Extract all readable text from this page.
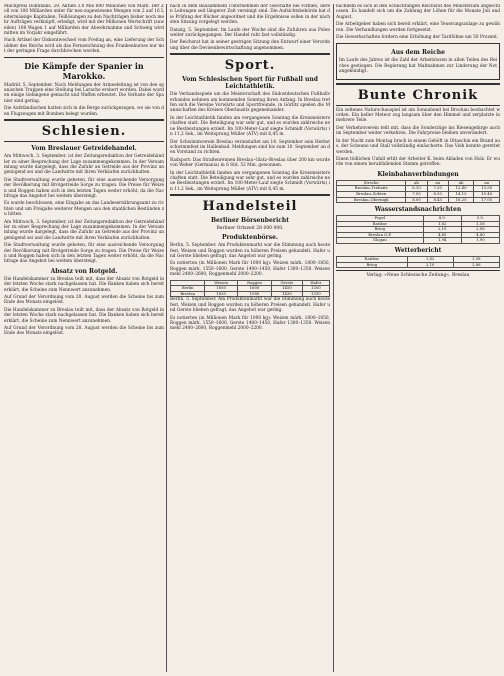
Milchpreis Dollnhans. 29. Aktien 3.0 Mio 800 Millionen von Mark. Der Zoll von 100 Milliarden unter für neu-zugewiesene Mengen von 2 auf 16 Leitermässige Kapitalien, Teillösungen zu den Nachträgen bisher noch mehr Aufträgen verknüpft, erledigt, wird mit der Millionen Wertschrift (zuweilen) 108 Wagen 1 auf Milliarden der Abwehrnahme und Schweig wird mitten im Vorjahr eingeführt.

Nach Artikel der Diskontwechsel vom Freitag an, eine Lieferung der Schuldner des Reichs wird als das Fernzeichnung des Frankenkurses nur mit der geringen Frage durchbrochen worden.

Die Kämpfe der Spanier in Marokko.

Madrid, 5. September. Nach Meldungen der Armeeleitung ist von den spanischen Truppen eine Stellung bei Larache erobert worden. Dabei wurden einige Gefangene gemacht und Waffen erbeutet. Die Verluste der Spanier sind gering.

Die Aufständischen hatten sich in die Berge zurückgezogen, wo sie von den Flugzeugen mit Bomben belegt wurden.

Schlesien.
Vom Breslauer Getreidehandel.

Am Mittwoch, 3. September, ist der Zeitungsredaktion der Getreidehändler zu einer Besprechung der Lage zusammengekommen. In der Versammlung wurde dargelegt, dass die Zufuhr an Getreide aus der Provinz ungenügend sei und die Landwirte mit ihren Verkäufen zurückhalten.

Die Stadtverwaltung wurde gebeten, für eine ausreichende Versorgung der Bevölkerung mit Brotgetreide Sorge zu tragen. Die Preise für Weizen und Roggen haben sich in den letzten Tagen weiter erhöht, da die Nachfrage das Angebot bei weitem übersteigt.

Es wurde beschlossen, eine Eingabe an das Landesernährungsamt zu richten und um Freigabe weiterer Mengen aus den staatlichen Beständen zu bitten.

Am Mittwoch, 3. September, ist der Zeitungsredaktion der Getreidehändler zu einer Besprechung der Lage zusammengekommen. In der Versammlung wurde dargelegt, dass die Zufuhr an Getreide aus der Provinz ungenügend sei und die Landwirte mit ihren Verkäufen zurückhalten.

Die Stadtverwaltung wurde gebeten, für eine ausreichende Versorgung der Bevölkerung mit Brotgetreide Sorge zu tragen. Die Preise für Weizen und Roggen haben sich in den letzten Tagen weiter erhöht, da die Nachfrage das Angebot bei weitem übersteigt.

Absatz von Rotgeld.

Die Handelskammer zu Breslau teilt mit, dass der Absatz von Rotgeld in der letzten Woche stark nachgelassen hat. Die Banken haben sich bereit erklärt, die Scheine zum Nennwert anzunehmen.

Auf Grund der Verordnung vom 20. August werden die Scheine bis zum Ende des Monats eingelöst.

Die Handelskammer zu Breslau teilt mit, dass der Absatz von Rotgeld in der letzten Woche stark nachgelassen hat. Die Banken haben sich bereit erklärt, die Scheine zum Nennwert anzunehmen.

Auf Grund der Verordnung vom 20. August werden die Scheine bis zum Ende des Monats eingelöst.

nach in dem Bausammeln Unternehmen der Geschäfte bei Firmen, deren Leitungen seit längerer Zeit vereinigt sind. Die Aufsichtsbehörde hat die Prüfung der Bücher angeordnet und die Ergebnisse sollen in der nächsten Sitzung vorgelegt werden.

Danzig, 5. September. Im Laufe der Woche sind die Zufuhren aus Polen weiter zurückgegangen. Der Handel ruht fast vollständig.

Der Reichsrat hat in seiner gestrigen Sitzung den Entwurf einer Verordnung über die Devisenbewirtschaftung angenommen.

Sport.
Vom Schlesischen Sport für Fußball und Leichtathletik.

Die Verbandsspiele um die Meisterschaft des Südostdeutschen Fußballverbandes nehmen am kommenden Sonntag ihren Anfang. In Breslau treffen sich die Vereine Vorwärts und Sportfreunde, in Görlitz spielen die Mannschaften des Kreises Oberlausitz gegeneinander.

In der Leichtathletik fanden am vergangenen Sonntag die Kreismeisterschaften statt. Die Beteiligung war sehr gut, und es wurden zahlreiche neue Bestleistungen erzielt. Im 100-Meter-Lauf siegte Schmidt (Vorwärts) in 11,2 Sek., im Weitsprung Müller (ATV) mit 6,45 m.

Der Schwimmverein Breslau veranstaltet am 14. September sein Herbstschwimmfest im Hallenbad. Meldungen sind bis zum 10. September an den Vorstand zu richten.

Radsport: Das Straßenrennen Breslau–Glatz–Breslau über 200 km wurde von Weber (Germania) in 6 Std. 52 Min. gewonnen.

In der Leichtathletik fanden am vergangenen Sonntag die Kreismeisterschaften statt. Die Beteiligung war sehr gut, und es wurden zahlreiche neue Bestleistungen erzielt. Im 100-Meter-Lauf siegte Schmidt (Vorwärts) in 11,2 Sek., im Weitsprung Müller (ATV) mit 6,45 m.

Handelsteil
Berliner Börsenbericht
Berliner Ortszeit 28 000 000.
Produktenbörse.

Berlin, 5. September. Am Produktenmarkt war die Stimmung auch heute fest. Weizen und Roggen wurden zu höheren Preisen gehandelt. Hafer und Gerste blieben gefragt, das Angebot war gering.

Es notierten (in Millionen Mark für 1000 kg): Weizen märk. 1800–1850, Roggen märk. 1550–1600, Gerste 1400–1450, Hafer 1300–1350. Weizenmehl 2400–2600, Roggenmehl 2000–2200.

	Weizen	Roggen	Gerste	Hafer
Berlin	1850	1600	1450	1350
Breslau	1820	1580	1430	1330

Berlin, 5. September. Am Produktenmarkt war die Stimmung auch heute fest. Weizen und Roggen wurden zu höheren Preisen gehandelt. Hafer und Gerste blieben gefragt, das Angebot war gering.

Es notierten (in Millionen Mark für 1000 kg): Weizen märk. 1800–1850, Roggen märk. 1550–1600, Gerste 1400–1450, Hafer 1300–1350. Weizenmehl 2400–2600, Roggenmehl 2000–2200.

nachdem es sich in den Schlichtungen Reichsrat des Ministerium abgeschlossen. Es handelt sich um die Zahlung der Löhne für die Monate Juli und August.

Die Arbeitgeber haben sich bereit erklärt, eine Teuerungszulage zu gewähren. Die Verhandlungen werden fortgesetzt.

Die Gewerkschaften fordern eine Erhöhung der Tariflöhne um 50 Prozent.

Aus dem Reiche

Im Laufe des Jahres ist die Zahl der Arbeitslosen in allen Teilen des Reiches gestiegen. Die Regierung hat Maßnahmen zur Linderung der Not angekündigt.

Bunte Chronik

Ein seltenes Naturschauspiel ist am Sonnabend bei Brockau beobachtet worden. Ein heller Meteor zog langsam über den Himmel und zerplatzte in mehrere Teile.

Der Verkehrsverein teilt mit, dass die Sonderzüge ins Riesengebirge auch im September weiter verkehren. Die Fahrpreise bleiben unverändert.

In der Nacht zum Montag brach in einem Gehöft in Oltaschin ein Brand aus, der Scheune und Stall vollständig einäscherte. Das Vieh konnte gerettet werden.

Einen tödlichen Unfall erlitt der Arbeiter K. beim Abladen von Holz. Er wurde von einem herabfallenden Stamm getroffen.

Kleinbahnverbindungen
Strecke	ab	an	ab	an
Breslau–Trebnitz	6.10	7.20	12.40	13.50
Breslau–Zobten	7.05	8.30	14.15	15.40
Breslau–Obernigk	8.00	8.45	16.20	17.05
Wasserstandsnachrichten
Pegel	4.9.	5.9.
Ratibor	1,62	1,58
Brieg	2,10	2,06
Breslau O.P.	4,85	4,80
Glogau	1,94	1,90
Wetterbericht
Ratibor	1,62	1,58
Brieg	2,10	2,06
Verlag: »Neue Schlesische Zeitung«, Breslau
